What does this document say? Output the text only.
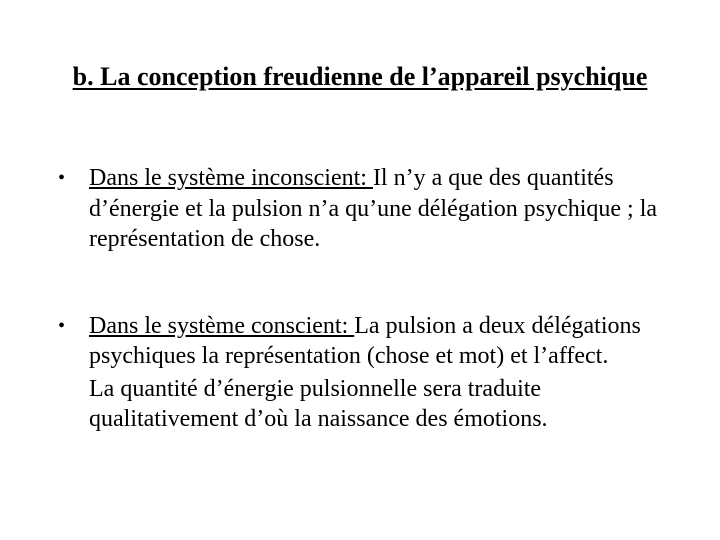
b. La conception freudienne de l’appareil psychique
• Dans le système inconscient: Il n’y a que des quantités d’énergie et la pulsion n’a qu’une délégation psychique ; la représentation de chose.
• Dans le système conscient: La pulsion a deux délégations psychiques la représentation (chose et mot) et l’affect.
La quantité d’énergie pulsionnelle sera traduite qualitativement d’où la naissance des émotions.
